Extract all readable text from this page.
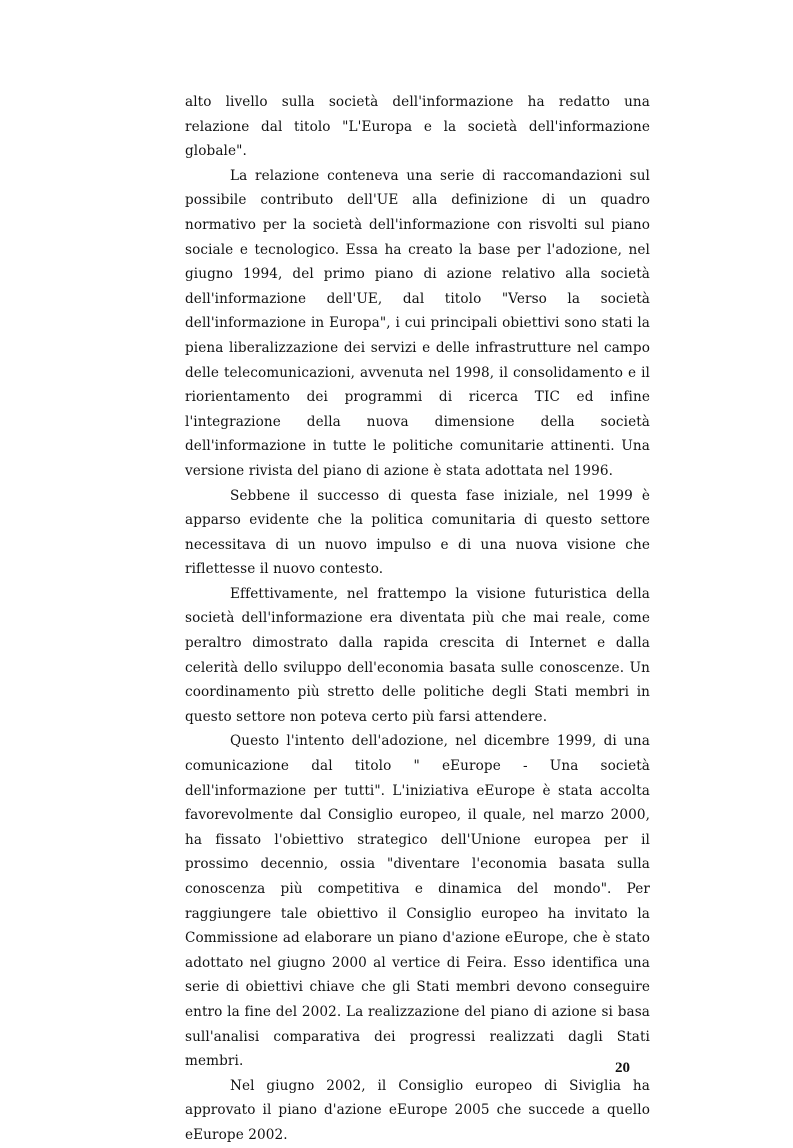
alto livello sulla società dell'informazione ha redatto una relazione dal titolo "L'Europa e la società dell'informazione globale".

La relazione conteneva una serie di raccomandazioni sul possibile contributo dell'UE alla definizione di un quadro normativo per la società dell'informazione con risvolti sul piano sociale e tecnologico. Essa ha creato la base per l'adozione, nel giugno 1994, del primo piano di azione relativo alla società dell'informazione dell'UE, dal titolo "Verso la società dell'informazione in Europa", i cui principali obiettivi sono stati la piena liberalizzazione dei servizi e delle infrastrutture nel campo delle telecomunicazioni, avvenuta nel 1998, il consolidamento e il riorientamento dei programmi di ricerca TIC ed infine l'integrazione della nuova dimensione della società dell'informazione in tutte le politiche comunitarie attinenti. Una versione rivista del piano di azione è stata adottata nel 1996.

Sebbene il successo di questa fase iniziale, nel 1999 è apparso evidente che la politica comunitaria di questo settore necessitava di un nuovo impulso e di una nuova visione che riflettesse il nuovo contesto.

Effettivamente, nel frattempo la visione futuristica della società dell'informazione era diventata più che mai reale, come peraltro dimostrato dalla rapida crescita di Internet e dalla celerità dello sviluppo dell'economia basata sulle conoscenze. Un coordinamento più stretto delle politiche degli Stati membri in questo settore non poteva certo più farsi attendere.

Questo l'intento dell'adozione, nel dicembre 1999, di una comunicazione dal titolo " eEurope - Una società dell'informazione per tutti". L'iniziativa eEurope è stata accolta favorevolmente dal Consiglio europeo, il quale, nel marzo 2000, ha fissato l'obiettivo strategico dell'Unione europea per il prossimo decennio, ossia "diventare l'economia basata sulla conoscenza più competitiva e dinamica del mondo". Per raggiungere tale obiettivo il Consiglio europeo ha invitato la Commissione ad elaborare un piano d'azione eEurope, che è stato adottato nel giugno 2000 al vertice di Feira. Esso identifica una serie di obiettivi chiave che gli Stati membri devono conseguire entro la fine del 2002. La realizzazione del piano di azione si basa sull'analisi comparativa dei progressi realizzati dagli Stati membri.

Nel giugno 2002, il Consiglio europeo di Siviglia ha approvato il piano d'azione eEurope 2005 che succede a quello eEurope 2002.

20
